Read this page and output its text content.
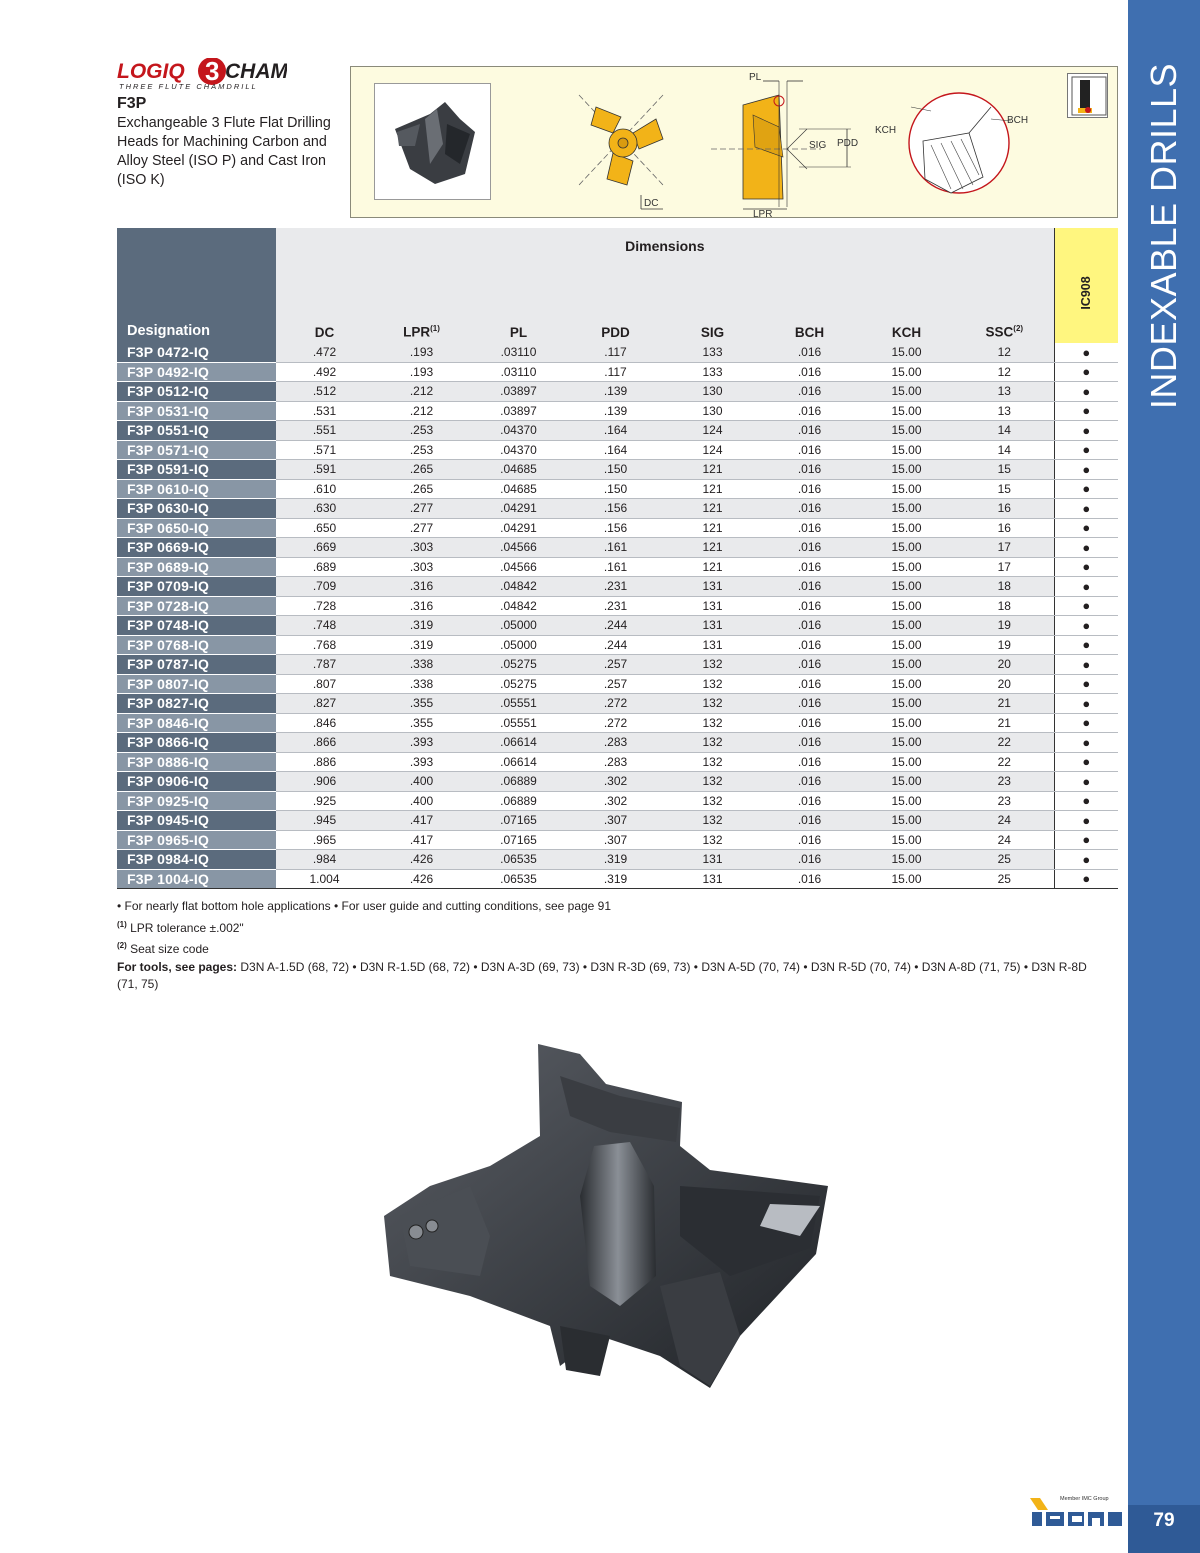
INDEXABLE DRILLS
79
LOGIQ 3 CHAM
THREE FLUTE CHAMDRILL
F3P
Exchangeable 3 Flute Flat Drilling Heads for Machining Carbon and Alloy Steel (ISO P) and Cast Iron (ISO K)
DC
PL
LPR
SIG PDD
KCH
BCH
Designation	Dimensions								IC908

	DC	LPR$^{(1)}$	PL	PDD	SIG	BCH	KCH	SSC$^{(2)}$
F3P 0472-IQ	.472	.193	.03110	.117	133	.016	15.00	12	●
F3P 0492-IQ	.492	.193	.03110	.117	133	.016	15.00	12	●
F3P 0512-IQ	.512	.212	.03897	.139	130	.016	15.00	13	●
F3P 0531-IQ	.531	.212	.03897	.139	130	.016	15.00	13	●
F3P 0551-IQ	.551	.253	.04370	.164	124	.016	15.00	14	●
F3P 0571-IQ	.571	.253	.04370	.164	124	.016	15.00	14	●
F3P 0591-IQ	.591	.265	.04685	.150	121	.016	15.00	15	●
F3P 0610-IQ	.610	.265	.04685	.150	121	.016	15.00	15	●
F3P 0630-IQ	.630	.277	.04291	.156	121	.016	15.00	16	●
F3P 0650-IQ	.650	.277	.04291	.156	121	.016	15.00	16	●
F3P 0669-IQ	.669	.303	.04566	.161	121	.016	15.00	17	●
F3P 0689-IQ	.689	.303	.04566	.161	121	.016	15.00	17	●
F3P 0709-IQ	.709	.316	.04842	.231	131	.016	15.00	18	●
F3P 0728-IQ	.728	.316	.04842	.231	131	.016	15.00	18	●
F3P 0748-IQ	.748	.319	.05000	.244	131	.016	15.00	19	●
F3P 0768-IQ	.768	.319	.05000	.244	131	.016	15.00	19	●
F3P 0787-IQ	.787	.338	.05275	.257	132	.016	15.00	20	●
F3P 0807-IQ	.807	.338	.05275	.257	132	.016	15.00	20	●
F3P 0827-IQ	.827	.355	.05551	.272	132	.016	15.00	21	●
F3P 0846-IQ	.846	.355	.05551	.272	132	.016	15.00	21	●
F3P 0866-IQ	.866	.393	.06614	.283	132	.016	15.00	22	●
F3P 0886-IQ	.886	.393	.06614	.283	132	.016	15.00	22	●
F3P 0906-IQ	.906	.400	.06889	.302	132	.016	15.00	23	●
F3P 0925-IQ	.925	.400	.06889	.302	132	.016	15.00	23	●
F3P 0945-IQ	.945	.417	.07165	.307	132	.016	15.00	24	●
F3P 0965-IQ	.965	.417	.07165	.307	132	.016	15.00	24	●
F3P 0984-IQ	.984	.426	.06535	.319	131	.016	15.00	25	●
F3P 1004-IQ	1.004	.426	.06535	.319	131	.016	15.00	25	●
• For nearly flat bottom hole applications • For user guide and cutting conditions, see page 91
$^{(1)}$ LPR tolerance ±.002"
$^{(2)}$ Seat size code
For tools, see pages: D3N A-1.5D (68, 72) • D3N R-1.5D (68, 72) • D3N A-3D (69, 73) • D3N R-3D (69, 73) • D3N A-5D (70, 74) • D3N R-5D (70, 74) • D3N A-8D (71, 75) • D3N R-8D (71, 75)
Member IMC Group
